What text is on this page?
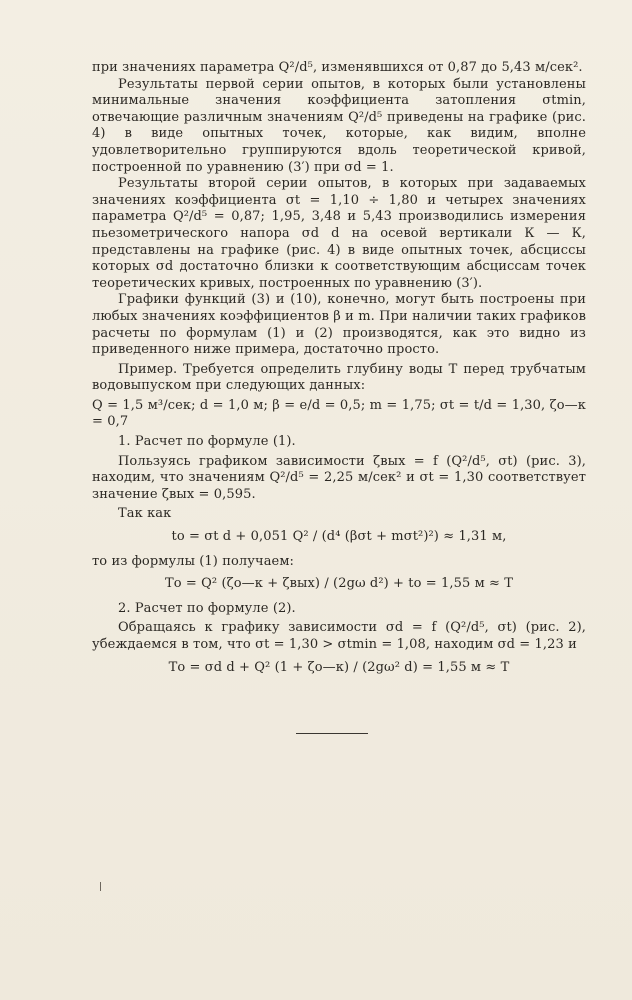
при значениях параметра Q²/d⁵, изменявшихся от 0,87 до 5,43 м/сек².

Результаты первой серии опытов, в которых были установлены минимальные значения коэффициента затопления σtmin, отвечающие различным значениям Q²/d⁵ приведены на графике (рис. 4) в виде опытных точек, которые, как видим, вполне удовлетворительно группируются вдоль теоретической кривой, построенной по уравнению (3′) при σd = 1.

Результаты второй серии опытов, в которых при задаваемых значениях коэффициента σt = 1,10 ÷ 1,80 и четырех значениях параметра Q²/d⁵ = 0,87; 1,95, 3,48 и 5,43 производились измерения пьезометрического напора σd d на осевой вертикали К — К, представлены на графике (рис. 4) в виде опытных точек, абсциссы которых σd достаточно близки к соответствующим абсциссам точек теоретических кривых, построенных по уравнению (3′).

Графики функций (3) и (10), конечно, могут быть построены при любых значениях коэффициентов β и m. При наличии таких графиков расчеты по формулам (1) и (2) производятся, как это видно из приведенного ниже примера, достаточно просто.

Пример. Требуется определить глубину воды T перед трубчатым водовыпуском при следующих данных:

Q = 1,5 м³/сек; d = 1,0 м; β = e/d = 0,5; m = 1,75; σt = t/d = 1,30, ζо—к = 0,7

1. Расчет по формуле (1).

Пользуясь графиком зависимости ζвых = f (Q²/d⁵, σt) (рис. 3), находим, что значениям Q²/d⁵ = 2,25 м/сек² и σt = 1,30 соответствует значение ζвых = 0,595.

Так как

tо = σt d + 0,051 Q² / (d⁴ (βσt + mσt²)²) ≈ 1,31 м,

то из формулы (1) получаем:

Tо = Q² (ζо—к + ζвых) / (2gω d²) + tо = 1,55 м ≈ T

2. Расчет по формуле (2).

Обращаясь к графику зависимости σd = f (Q²/d⁵, σt) (рис. 2), убеждаемся в том, что σt = 1,30 > σtmin = 1,08, находим σd = 1,23 и

Tо = σd d + Q² (1 + ζо—к) / (2gω² d) = 1,55 м ≈ T
